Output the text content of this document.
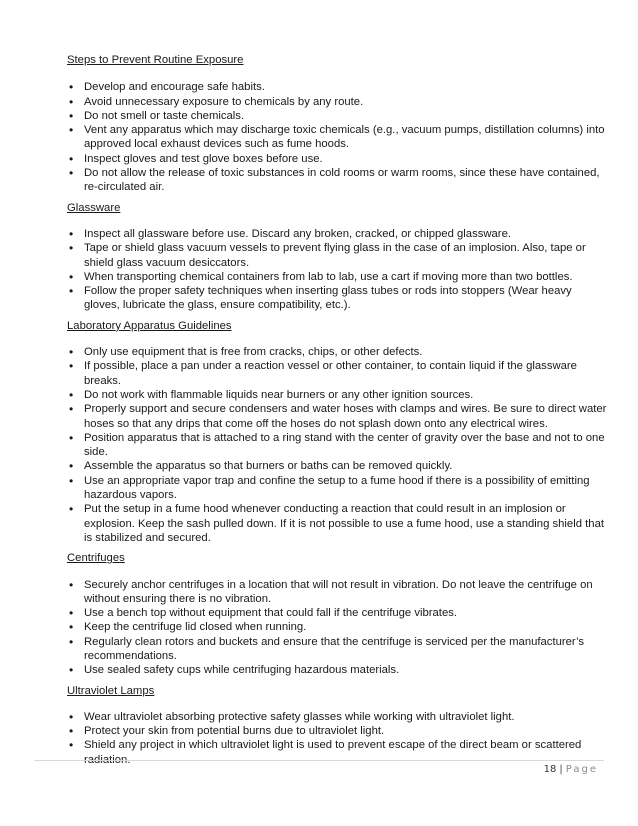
Steps to Prevent Routine Exposure
• Develop and encourage safe habits.
• Avoid unnecessary exposure to chemicals by any route.
• Do not smell or taste chemicals.
• Vent any apparatus which may discharge toxic chemicals (e.g., vacuum pumps, distillation columns) into approved local exhaust devices such as fume hoods.
• Inspect gloves and test glove boxes before use.
• Do not allow the release of toxic substances in cold rooms or warm rooms, since these have contained, re-circulated air.
Glassware
• Inspect all glassware before use. Discard any broken, cracked, or chipped glassware.
• Tape or shield glass vacuum vessels to prevent flying glass in the case of an implosion. Also, tape or shield glass vacuum desiccators.
• When transporting chemical containers from lab to lab, use a cart if moving more than two bottles.
• Follow the proper safety techniques when inserting glass tubes or rods into stoppers (Wear heavy gloves, lubricate the glass, ensure compatibility, etc.).
Laboratory Apparatus Guidelines
• Only use equipment that is free from cracks, chips, or other defects.
• If possible, place a pan under a reaction vessel or other container, to contain liquid if the glassware breaks.
• Do not work with flammable liquids near burners or any other ignition sources.
• Properly support and secure condensers and water hoses with clamps and wires. Be sure to direct water hoses so that any drips that come off the hoses do not splash down onto any electrical wires.
• Position apparatus that is attached to a ring stand with the center of gravity over the base and not to one side.
• Assemble the apparatus so that burners or baths can be removed quickly.
• Use an appropriate vapor trap and confine the setup to a fume hood if there is a possibility of emitting hazardous vapors.
• Put the setup in a fume hood whenever conducting a reaction that could result in an implosion or explosion. Keep the sash pulled down. If it is not possible to use a fume hood, use a standing shield that is stabilized and secured.
Centrifuges
• Securely anchor centrifuges in a location that will not result in vibration. Do not leave the centrifuge on without ensuring there is no vibration.
• Use a bench top without equipment that could fall if the centrifuge vibrates.
• Keep the centrifuge lid closed when running.
• Regularly clean rotors and buckets and ensure that the centrifuge is serviced per the manufacturer’s recommendations.
• Use sealed safety cups while centrifuging hazardous materials.
Ultraviolet Lamps
• Wear ultraviolet absorbing protective safety glasses while working with ultraviolet light.
• Protect your skin from potential burns due to ultraviolet light.
• Shield any project in which ultraviolet light is used to prevent escape of the direct beam or scattered radiation.
18 | Page
